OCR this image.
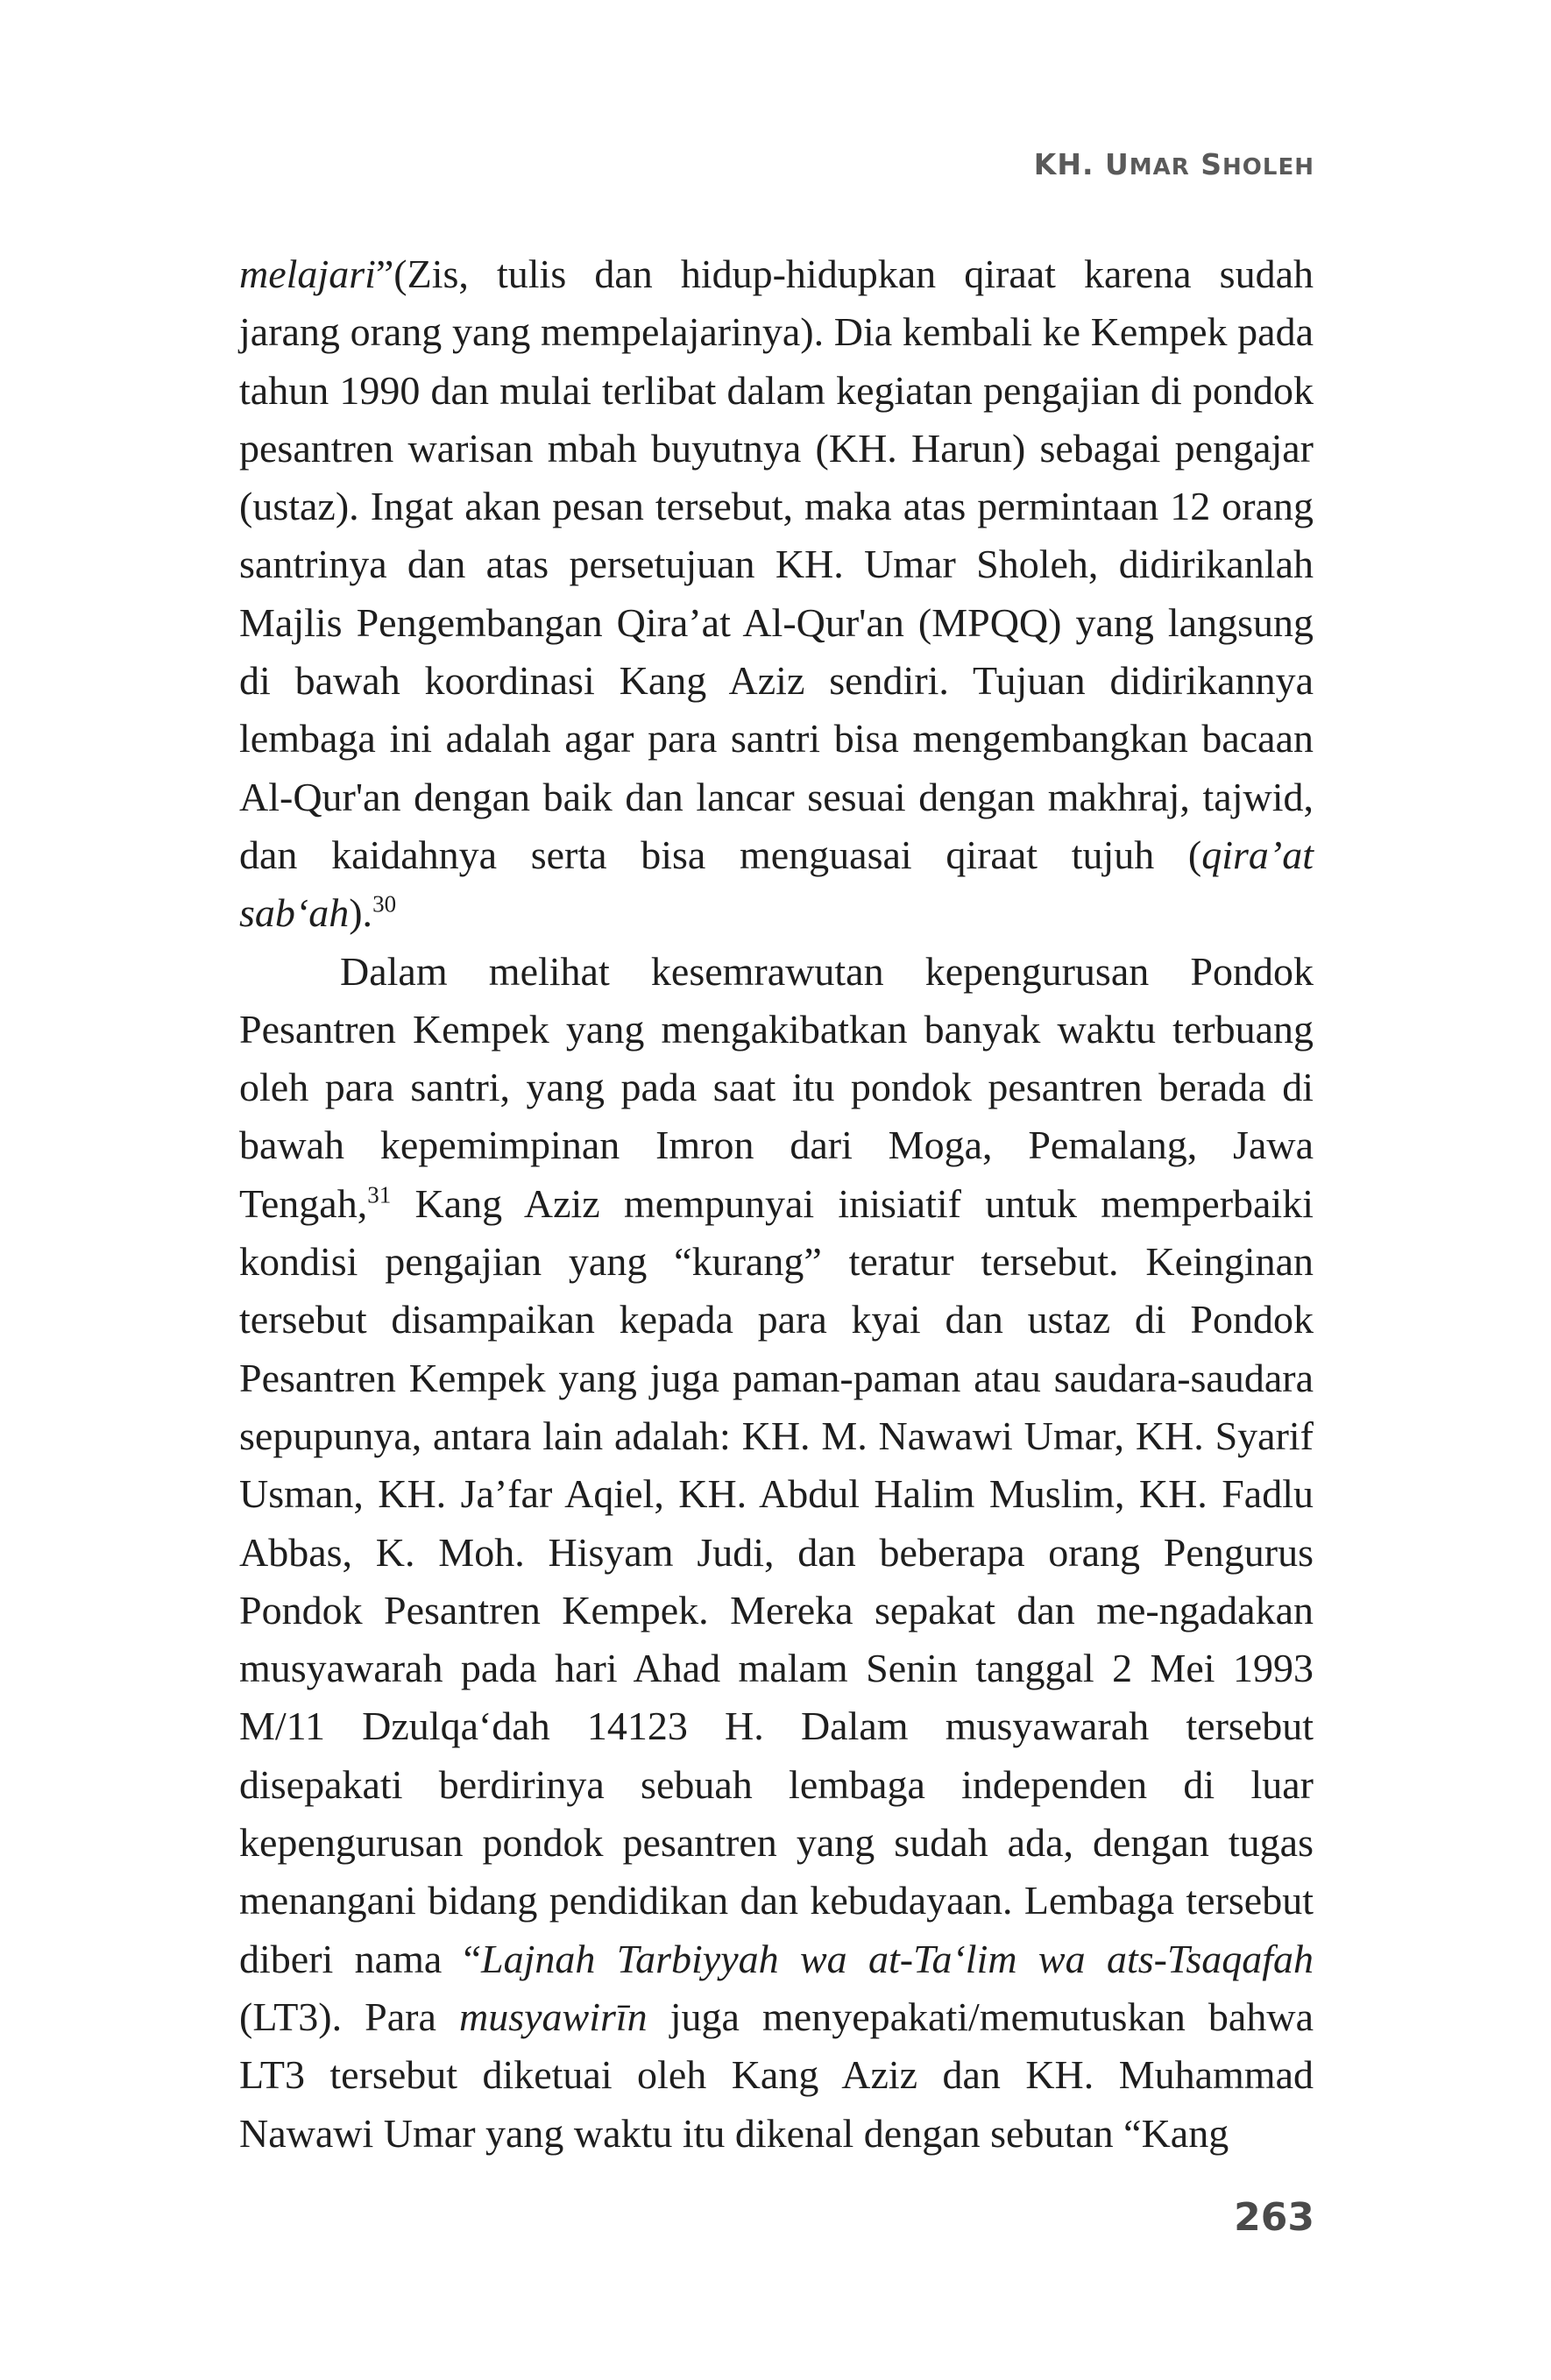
KH. UMAR SHOLEH

melajari”(Zis, tulis dan hidup-hidupkan qiraat karena sudah jarang orang yang mempelajarinya). Dia kembali ke Kempek pada tahun 1990 dan mulai terlibat dalam kegiatan pengajian di pondok pesantren warisan mbah buyutnya (KH. Harun) sebagai pengajar (ustaz). Ingat akan pesan tersebut, maka atas permintaan 12 orang santrinya dan atas persetujuan KH. Umar Sholeh, didirikanlah Majlis Pengembangan Qira’at Al-Qur'an (MPQQ) yang langsung di bawah koordinasi Kang Aziz sendiri. Tujuan didirikannya lembaga ini adalah agar para santri bisa mengembangkan bacaan Al-Qur'an dengan baik dan lancar sesuai dengan makhraj, tajwid, dan kaidahnya serta bisa menguasai qiraat tujuh (qira’at sab‘ah).$^{30}$

Dalam melihat kesemrawutan kepengurusan Pondok Pesantren Kempek yang mengakibatkan banyak waktu terbuang oleh para santri, yang pada saat itu pondok pesantren berada di bawah kepemimpinan Imron dari Moga, Pemalang, Jawa Tengah,$^{31}$ Kang Aziz mempunyai inisiatif untuk memperbaiki kondisi pengajian yang “kurang” teratur tersebut. Keinginan tersebut disampaikan kepada para kyai dan ustaz di Pondok Pesantren Kempek yang juga paman-paman atau saudara-saudara sepupunya, antara lain adalah: KH. M. Nawawi Umar, KH. Syarif Usman, KH. Ja’far Aqiel, KH. Abdul Halim Muslim, KH. Fadlu Abbas, K. Moh. Hisyam Judi, dan beberapa orang Pengurus Pondok Pesantren Kempek. Mereka sepakat dan me-ngadakan musyawarah pada hari Ahad malam Senin tanggal 2 Mei 1993 M/11 Dzulqa‘dah 14123 H. Dalam musyawarah tersebut disepakati berdirinya sebuah lembaga independen di luar kepengurusan pondok pesantren yang sudah ada, dengan tugas menangani bidang pendidikan dan kebudayaan. Lembaga tersebut diberi nama “Lajnah Tarbiyyah wa at-Ta‘lim wa ats-Tsaqafah (LT3). Para musyawirīn juga menyepakati/memutuskan bahwa LT3 tersebut diketuai oleh Kang Aziz dan KH. Muhammad Nawawi Umar yang waktu itu dikenal dengan sebutan “Kang

263
